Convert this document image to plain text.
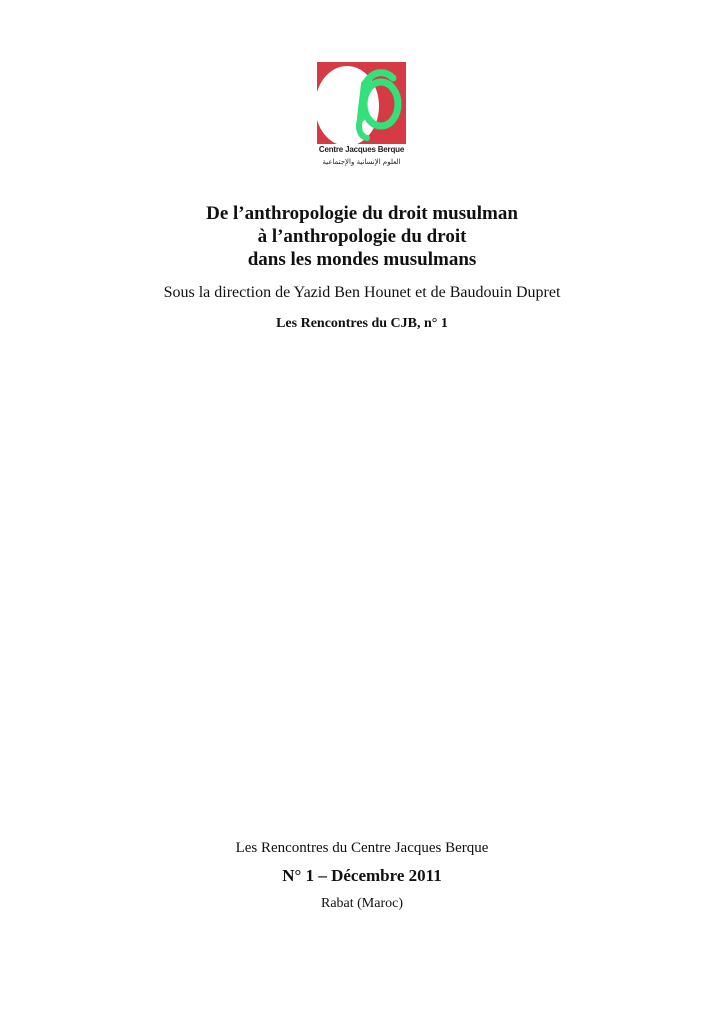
Centre Jacques Berque
العلوم الإنسانية والإجتماعية
De l’anthropologie du droit musulman
à l’anthropologie du droit
dans les mondes musulmans
Sous la direction de Yazid Ben Hounet et de Baudouin Dupret
Les Rencontres du CJB, n° 1
Les Rencontres du Centre Jacques Berque
N° 1 – Décembre 2011
Rabat (Maroc)
